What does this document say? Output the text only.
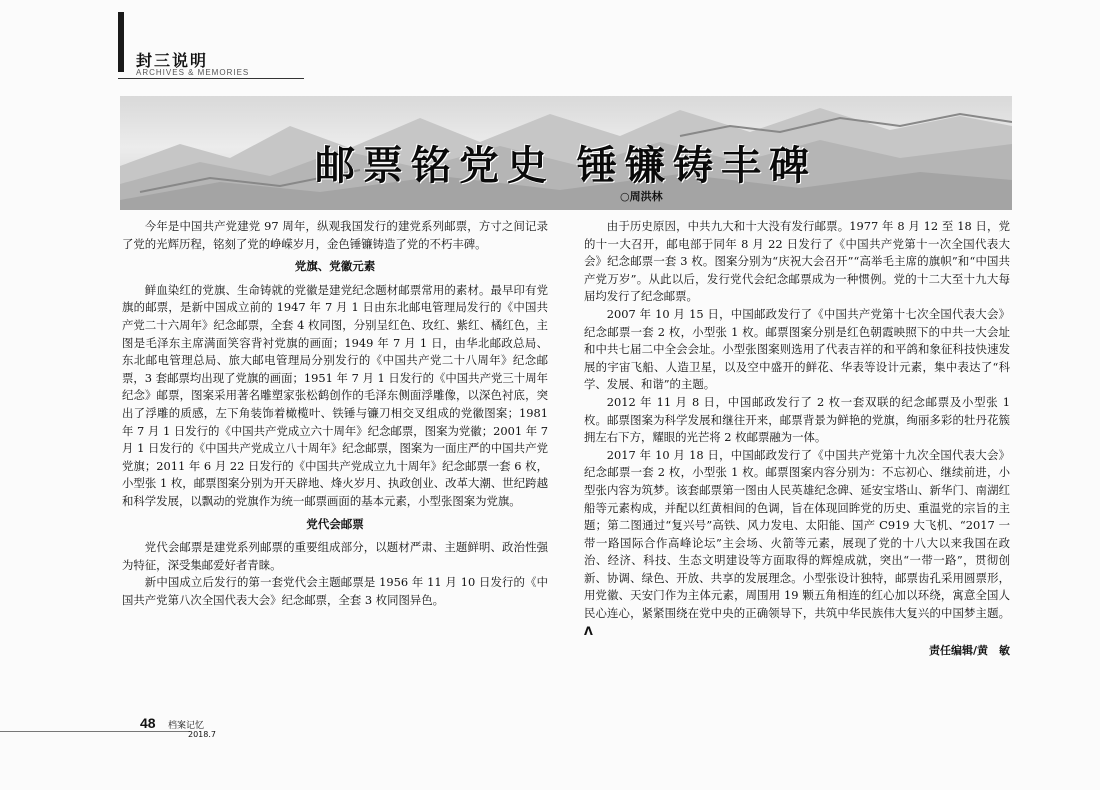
封三说明
ARCHIVES & MEMORIES
邮票铭党史 锤镰铸丰碑
○周洪林

今年是中国共产党建党 97 周年，纵观我国发行的建党系列邮票，方寸之间记录了党的光辉历程，铭刻了党的峥嵘岁月，金色锤镰铸造了党的不朽丰碑。

党旗、党徽元素

鲜血染红的党旗、生命铸就的党徽是建党纪念题材邮票常用的素材。最早印有党旗的邮票，是新中国成立前的 1947 年 7 月 1 日由东北邮电管理局发行的《中国共产党二十六周年》纪念邮票，全套 4 枚同图，分别呈红色、玫红、紫红、橘红色，主图是毛泽东主席满面笑容背衬党旗的画面；1949 年 7 月 1 日，由华北邮政总局、东北邮电管理总局、旅大邮电管理局分别发行的《中国共产党二十八周年》纪念邮票，3 套邮票均出现了党旗的画面；1951 年 7 月 1 日发行的《中国共产党三十周年纪念》邮票，图案采用著名雕塑家张松鹤创作的毛泽东侧面浮雕像，以深色衬底，突出了浮雕的质感，左下角装饰着橄榄叶、铁锤与镰刀相交叉组成的党徽图案；1981 年 7 月 1 日发行的《中国共产党成立六十周年》纪念邮票，图案为党徽；2001 年 7 月 1 日发行的《中国共产党成立八十周年》纪念邮票，图案为一面庄严的中国共产党党旗；2011 年 6 月 22 日发行的《中国共产党成立九十周年》纪念邮票一套 6 枚，小型张 1 枚，邮票图案分别为开天辟地、烽火岁月、执政创业、改革大潮、世纪跨越和科学发展，以飘动的党旗作为统一邮票画面的基本元素，小型张图案为党旗。

党代会邮票

党代会邮票是建党系列邮票的重要组成部分，以题材严肃、主题鲜明、政治性强为特征，深受集邮爱好者青睐。

新中国成立后发行的第一套党代会主题邮票是 1956 年 11 月 10 日发行的《中国共产党第八次全国代表大会》纪念邮票，全套 3 枚同图异色。

由于历史原因，中共九大和十大没有发行邮票。1977 年 8 月 12 至 18 日，党的十一大召开，邮电部于同年 8 月 22 日发行了《中国共产党第十一次全国代表大会》纪念邮票一套 3 枚。图案分别为“庆祝大会召开”“高举毛主席的旗帜”和“中国共产党万岁”。从此以后，发行党代会纪念邮票成为一种惯例。党的十二大至十九大每届均发行了纪念邮票。

2007 年 10 月 15 日，中国邮政发行了《中国共产党第十七次全国代表大会》纪念邮票一套 2 枚，小型张 1 枚。邮票图案分别是红色朝霞映照下的中共一大会址和中共七届二中全会会址。小型张图案则选用了代表吉祥的和平鸽和象征科技快速发展的宇宙飞船、人造卫星，以及空中盛开的鲜花、华表等设计元素，集中表达了“科学、发展、和谐”的主题。

2012 年 11 月 8 日，中国邮政发行了 2 枚一套双联的纪念邮票及小型张 1 枚。邮票图案为科学发展和继往开来，邮票背景为鲜艳的党旗，绚丽多彩的牡丹花簇拥左右下方，耀眼的光芒将 2 枚邮票融为一体。

2017 年 10 月 18 日，中国邮政发行了《中国共产党第十九次全国代表大会》纪念邮票一套 2 枚，小型张 1 枚。邮票图案内容分别为：不忘初心、继续前进，小型张内容为筑梦。该套邮票第一图由人民英雄纪念碑、延安宝塔山、新华门、南湖红船等元素构成，并配以红黄相间的色调，旨在体现回眸党的历史、重温党的宗旨的主题；第二图通过“复兴号”高铁、风力发电、太阳能、国产 C919 大飞机、“2017 一带一路国际合作高峰论坛”主会场、火箭等元素，展现了党的十八大以来我国在政治、经济、科技、生态文明建设等方面取得的辉煌成就，突出“一带一路”，贯彻创新、协调、绿色、开放、共享的发展理念。小型张设计独特，邮票齿孔采用圆票形，用党徽、天安门作为主体元素，周围用 19 颗五角相连的红心加以环绕，寓意全国人民心连心，紧紧围绕在党中央的正确领导下，共筑中华民族伟大复兴的中国梦主题。 Λ

责任编辑/黄　敏
48 档案记忆
2018.7
